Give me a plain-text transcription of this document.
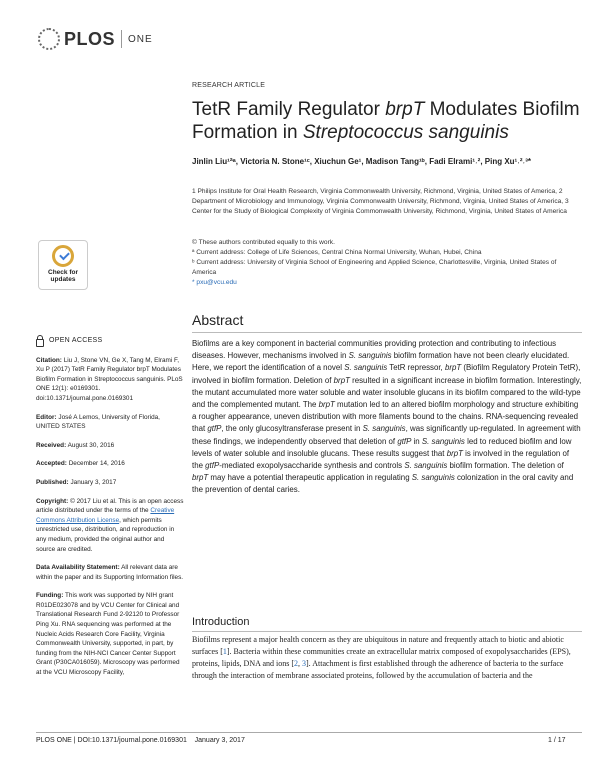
PLOS ONE
RESEARCH ARTICLE
TetR Family Regulator brpT Modulates Biofilm Formation in Streptococcus sanguinis
Jinlin Liu¹ªᵃ, Victoria N. Stone¹ᶜ, Xiuchun Ge¹, Madison Tang¹ᵇ, Fadi Elrami¹˒², Ping Xu¹˒²˒³*

1 Philips Institute for Oral Health Research, Virginia Commonwealth University, Richmond, Virginia, United States of America, 2 Department of Microbiology and Immunology, Virginia Commonwealth University, Richmond, Virginia, United States of America, 3 Center for the Study of Biological Complexity of Virginia Commonwealth University, Richmond, Virginia, United States of America

© These authors contributed equally to this work.
ª Current address: College of Life Sciences, Central China Normal University, Wuhan, Hubei, China
ᵇ Current address: University of Virginia School of Engineering and Applied Science, Charlottesville, Virginia, United States of America
* pxu@vcu.edu
Check for
updates
OPEN ACCESS
Citation: Liu J, Stone VN, Ge X, Tang M, Elrami F, Xu P (2017) TetR Family Regulator brpT Modulates Biofilm Formation in Streptococcus sanguinis. PLoS ONE 12(1): e0169301. doi:10.1371/journal.pone.0169301
Editor: José A Lemos, University of Florida, UNITED STATES
Received: August 30, 2016
Accepted: December 14, 2016
Published: January 3, 2017
Copyright: © 2017 Liu et al. This is an open access article distributed under the terms of the Creative Commons Attribution License, which permits unrestricted use, distribution, and reproduction in any medium, provided the original author and source are credited.
Data Availability Statement: All relevant data are within the paper and its Supporting Information files.
Funding: This work was supported by NIH grant R01DE023078 and by VCU Center for Clinical and Translational Research Fund 2-92120 to Professor Ping Xu. RNA sequencing was performed at the Nucleic Acids Research Core Facility, Virginia Commonwealth University, supported, in part, by funding from the NIH-NCI Cancer Center Support Grant (P30CA016059). Microscopy was performed at the VCU Microscopy Facility,
Abstract
Biofilms are a key component in bacterial communities providing protection and contributing to infectious diseases. However, mechanisms involved in S. sanguinis biofilm formation have not been clearly elucidated. Here, we report the identification of a novel S. sanguinis TetR repressor, brpT (Biofilm Regulatory Protein TetR), involved in biofilm formation. Deletion of brpT resulted in a significant increase in biofilm formation. Interestingly, the mutant accumulated more water soluble and water insoluble glucans in its biofilm compared to the wild-type and the complemented mutant. The brpT mutation led to an altered biofilm morphology and structure exhibiting a rougher appearance, uneven distribution with more filaments bound to the chains. RNA-sequencing revealed that gtfP, the only glucosyltransferase present in S. sanguinis, was significantly up-regulated. In agreement with these findings, we independently observed that deletion of gtfP in S. sanguinis led to reduced biofilm and low levels of water soluble and insoluble glucans. These results suggest that brpT is involved in the regulation of the gtfP-mediated exopolysaccharide synthesis and controls S. sanguinis biofilm formation. The deletion of brpT may have a potential therapeutic application in regulating S. sanguinis colonization in the oral cavity and the prevention of dental caries.
Introduction
Biofilms represent a major health concern as they are ubiquitous in nature and frequently attach to biotic and abiotic surfaces [1]. Bacteria within these communities create an extracellular matrix composed of exopolysaccharides (EPS), proteins, lipids, DNA and ions [2, 3]. Attachment is first established through the adherence of bacteria to the surface through the interaction of membrane associated proteins, followed by the accumulation of bacteria and the
PLOS ONE | DOI:10.1371/journal.pone.0169301    January 3, 2017	1 / 17
